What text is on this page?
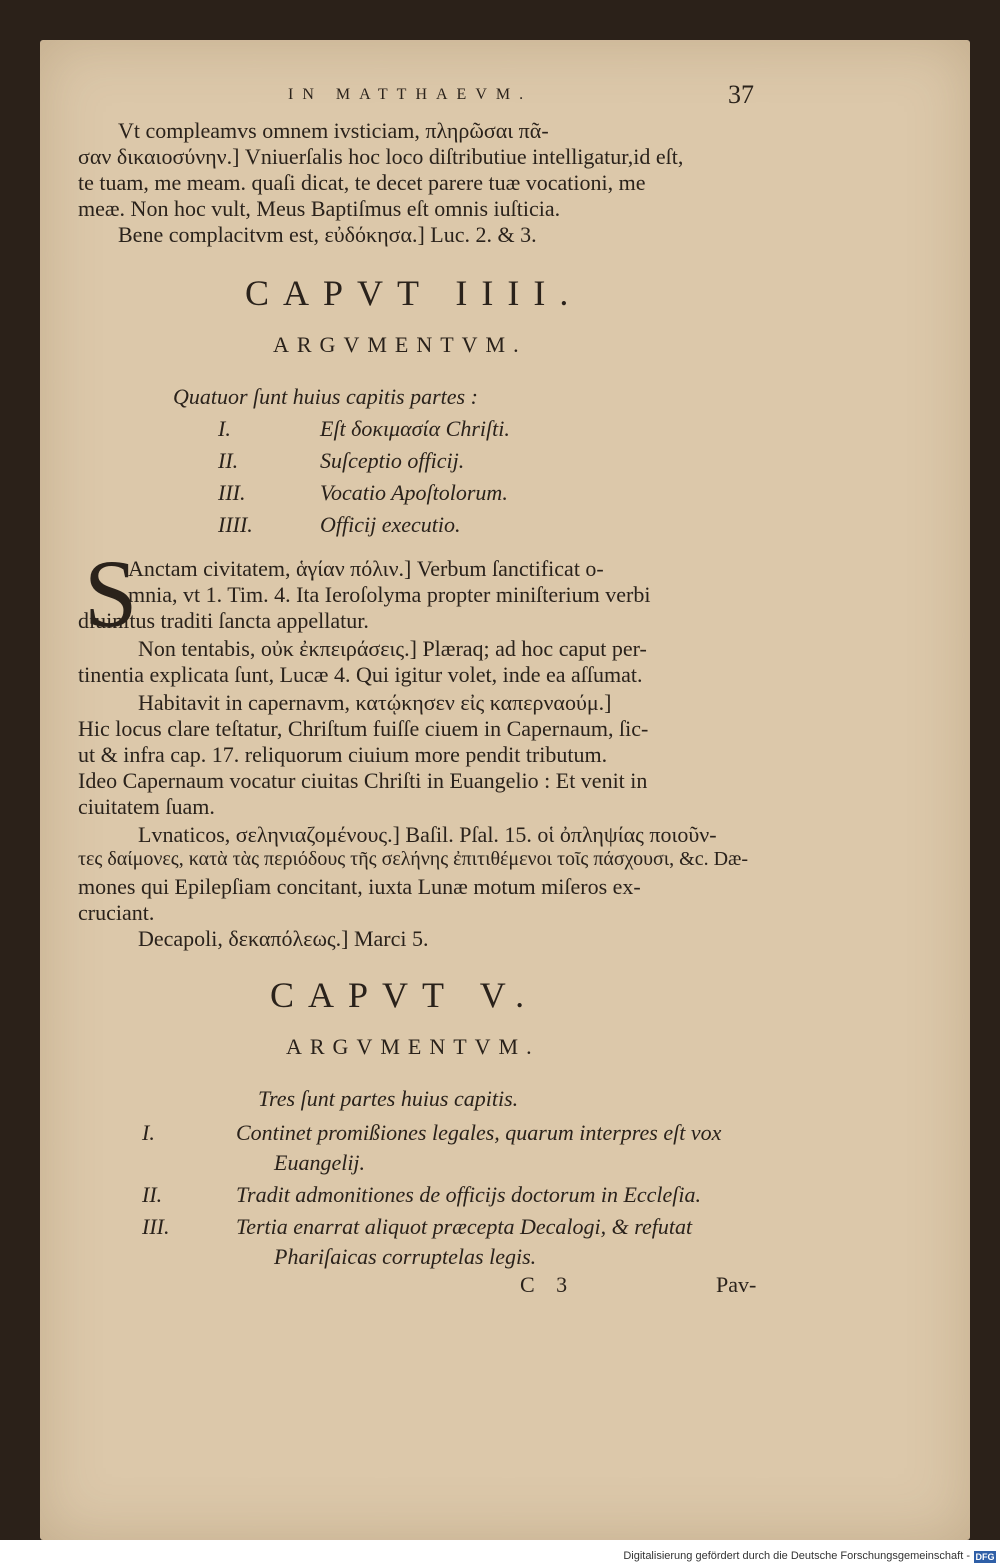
IN MATTHAEVM.	37
Vt compleamvs omnem ivsticiam, πληρῶσαι πᾶ-
σαν δικαιοσύνην.] Vniuerſalis hoc loco diſtributiue intelligatur,id eſt,
te tuam, me meam. quaſi dicat, te decet parere tuæ vocationi, me
meæ. Non hoc vult, Meus Baptiſmus eſt omnis iuſticia.
Bene complacitvm est, εὐδόκησα.] Luc. 2. & 3.
CAPVT IIII.
ARGVMENTVM.
Quatuor ſunt huius capitis partes :
I.	Eſt δοκιμασία Chriſti.
II.	Suſceptio officij.
III.	Vocatio Apoſtolorum.
IIII.	Officij executio.
S
Anctam civitatem, ἁγίαν πόλιν.] Verbum ſanctificat o-
mnia, vt 1. Tim. 4. Ita Ieroſolyma propter miniſterium verbi
diuinitus traditi ſancta appellatur.
Non tentabis, οὐκ ἐκπειράσεις.] Plæraq; ad hoc caput per-
tinentia explicata ſunt, Lucæ 4. Qui igitur volet, inde ea aſſumat.
Habitavit in capernavm, κατῴκησεν εἰς καπερναούμ.]
Hic locus clare teſtatur, Chriſtum fuiſſe ciuem in Capernaum, ſic-
ut & infra cap. 17. reliquorum ciuium more pendit tributum.
Ideo Capernaum vocatur ciuitas Chriſti in Euangelio : Et venit in
ciuitatem ſuam.
Lvnaticos, σεληνιαζομένους.] Baſil. Pſal. 15. οἱ ὀπληψίας ποιοῦν-
τες δαίμονες, κατὰ τὰς περιόδους τῆς σελήνης ἐπιτιθέμενοι τοῖς πάσχουσι, &c. Dæ-
mones qui Epilepſiam concitant, iuxta Lunæ motum miſeros ex-
cruciant.
Decapoli, δεκαπόλεως.] Marci 5.
CAPVT V.
ARGVMENTVM.
Tres ſunt partes huius capitis.
I.	Continet promißiones legales, quarum interpres eſt vox
Euangelij.
II.	Tradit admonitiones de officijs doctorum in Eccleſia.
III.	Tertia enarrat aliquot præcepta Decalogi, & refutat
Phariſaicas corruptelas legis.
C 3	Pav-
Digitalisierung gefördert durch die Deutsche Forschungsgemeinschaft - DFG
